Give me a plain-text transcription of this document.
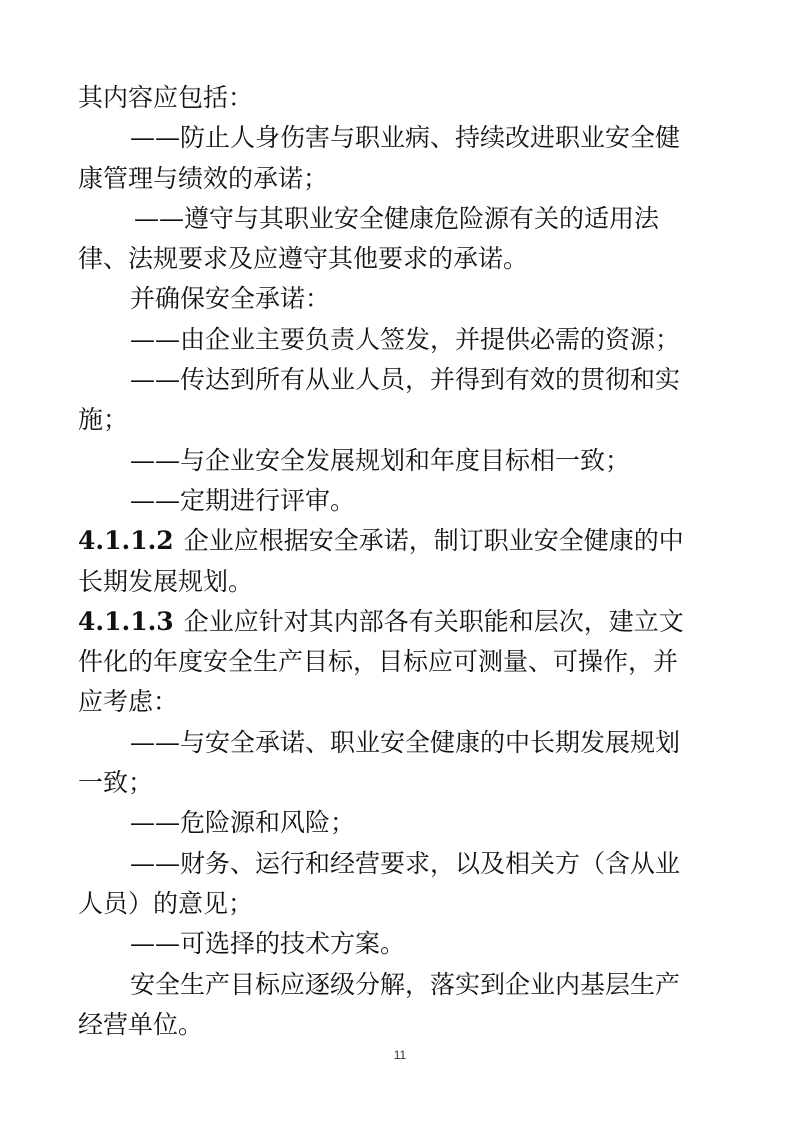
其内容应包括：
——防止人身伤害与职业病、持续改进职业安全健
康管理与绩效的承诺；
——遵守与其职业安全健康危险源有关的适用法
律、法规要求及应遵守其他要求的承诺。
并确保安全承诺：
——由企业主要负责人签发，并提供必需的资源；
——传达到所有从业人员，并得到有效的贯彻和实
施；
——与企业安全发展规划和年度目标相一致；
——定期进行评审。
4.1.1.2 企业应根据安全承诺，制订职业安全健康的中
长期发展规划。
4.1.1.3 企业应针对其内部各有关职能和层次，建立文
件化的年度安全生产目标，目标应可测量、可操作，并
应考虑：
——与安全承诺、职业安全健康的中长期发展规划
一致；
——危险源和风险；
——财务、运行和经营要求，以及相关方（含从业
人员）的意见；
——可选择的技术方案。
安全生产目标应逐级分解，落实到企业内基层生产
经营单位。
11
